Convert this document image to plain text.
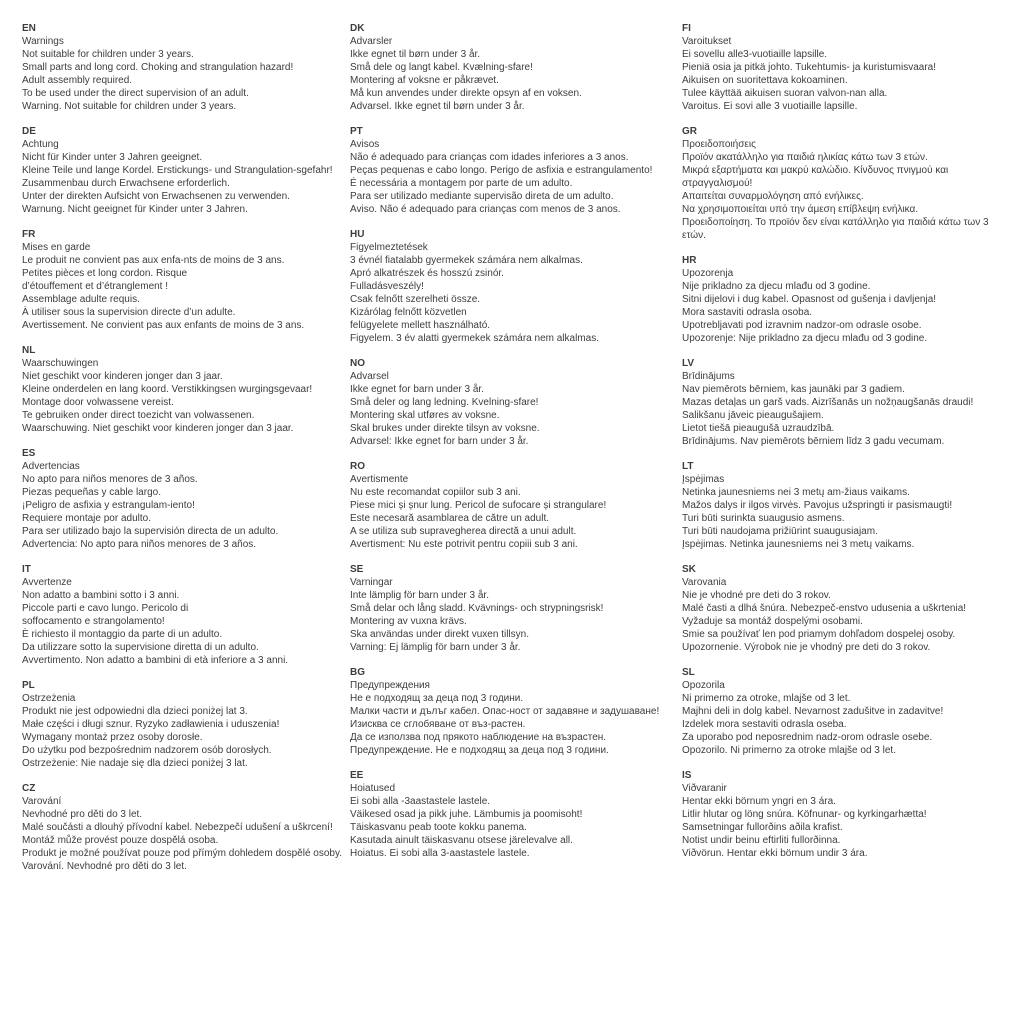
EN
Warnings
Not suitable for children under 3 years.
Small parts and long cord. Choking and strangulation hazard!
Adult assembly required.
To be used under the direct supervision of an adult.
Warning. Not suitable for children under 3 years.
DE
Achtung
Nicht für Kinder unter 3 Jahren geeignet.
Kleine Teile und lange Kordel. Erstickungs- und Strangulation-sgefahr!
Zusammenbau durch Erwachsene erforderlich.
Unter der direkten Aufsicht von Erwachsenen zu verwenden.
Warnung. Nicht geeignet für Kinder unter 3 Jahren.
FR
Mises en garde
Le produit ne convient pas aux enfa-nts de moins de 3 ans.
Petites pièces et long cordon. Risque
d’étouffement et d’étranglement !
Assemblage adulte requis.
À utiliser sous la supervision directe d’un adulte.
Avertissement. Ne convient pas aux enfants de moins de 3 ans.
NL
Waarschuwingen
Niet geschikt voor kinderen jonger dan 3 jaar.
Kleine onderdelen en lang koord. Verstikkingsen wurgingsgevaar!
Montage door volwassene vereist.
Te gebruiken onder direct toezicht van volwassenen.
Waarschuwing. Niet geschikt voor kinderen jonger dan 3 jaar.
ES
Advertencias
No apto para niños menores de 3 años.
Piezas pequeñas y cable largo.
¡Peligro de asfixia y estrangulam-iento!
Requiere montaje por adulto.
Para ser utilizado bajo la supervisión directa de un adulto.
Advertencia: No apto para niños menores de 3 años.
IT
Avvertenze
Non adatto a bambini sotto i 3 anni.
Piccole parti e cavo lungo. Pericolo di
soffocamento e strangolamento!
È richiesto il montaggio da parte di un adulto.
Da utilizzare sotto la supervisione diretta di un adulto.
Avvertimento. Non adatto a bambini di età inferiore a 3 anni.
PL
Ostrzeżenia
Produkt nie jest odpowiedni dla dzieci poniżej lat 3.
Małe części i długi sznur. Ryzyko zadławienia i uduszenia!
Wymagany montaż przez osoby dorosłe.
Do użytku pod bezpośrednim nadzorem osób dorosłych.
Ostrzeżenie: Nie nadaje się dla dzieci poniżej 3 lat.
CZ
Varování
Nevhodné pro děti do 3 let.
Malé součásti a dlouhý přívodní kabel. Nebezpečí udušení a uškrcení!
Montáž může provést pouze dospělá osoba.
Produkt je možné používat pouze pod přímým dohledem dospělé osoby.
Varování. Nevhodné pro děti do 3 let.
DK
Advarsler
Ikke egnet til børn under 3 år.
Små dele og langt kabel. Kvælning-sfare!
Montering af voksne er påkrævet.
Må kun anvendes under direkte opsyn af en voksen.
Advarsel. Ikke egnet til børn under 3 år.
PT
Avisos
Não é adequado para crianças com idades inferiores a 3 anos.
Peças pequenas e cabo longo. Perigo de asfixia e estrangulamento!
É necessária a montagem por parte de um adulto.
Para ser utilizado mediante supervisão direta de um adulto.
Aviso. Não é adequado para crianças com menos de 3 anos.
HU
Figyelmeztetések
3 évnél fiatalabb gyermekek számára nem alkalmas.
Apró alkatrészek és hosszú zsinór.
Fulladásveszély!
Csak felnőtt szerelheti össze.
Kizárólag felnőtt közvetlen
felügyelete mellett használható.
Figyelem. 3 év alatti gyermekek számára nem alkalmas.
NO
Advarsel
Ikke egnet for barn under 3 år.
Små deler og lang ledning. Kvelning-sfare!
Montering skal utføres av voksne.
Skal brukes under direkte tilsyn av voksne.
Advarsel: Ikke egnet for barn under 3 år.
RO
Avertismente
Nu este recomandat copiilor sub 3 ani.
Piese mici și șnur lung. Pericol de sufocare și strangulare!
Este necesară asamblarea de către un adult.
A se utiliza sub supravegherea directă a unui adult.
Avertisment: Nu este potrivit pentru copiii sub 3 ani.
SE
Varningar
Inte lämplig för barn under 3 år.
Små delar och lång sladd. Kvävnings- och strypningsrisk!
Montering av vuxna krävs.
Ska användas under direkt vuxen tillsyn.
Varning: Ej lämplig för barn under 3 år.
BG
Предупреждения
Не е подходящ за деца под 3 години.
Малки части и дълъг кабел. Опас-ност от задавяне и задушаване!
Изисква се сглобяване от въз-растен.
Да се използва под прякото наблюдение на възрастен.
Предупреждение. Не е подходящ за деца под 3 години.
EE
Hoiatused
Ei sobi alla -3aastastele lastele.
Väikesed osad ja pikk juhe. Lämbumis ja poomisoht!
Täiskasvanu peab toote kokku panema.
Kasutada ainult täiskasvanu otsese järelevalve all.
Hoiatus. Ei sobi alla 3-aastastele lastele.
FI
Varoitukset
Ei sovellu alle3-vuotiaille lapsille.
Pieniä osia ja pitkä johto. Tukehtumis- ja kuristumisvaara!
Aikuisen on suoritettava kokoaminen.
Tulee käyttää aikuisen suoran valvon-nan alla.
Varoitus. Ei sovi alle 3 vuotiaille lapsille.
GR
Προειδοποιήσεις
Προϊόν ακατάλληλο για παιδιά ηλικίας κάτω των 3 ετών.
Μικρά εξαρτήματα και μακρύ καλώδιο. Κίνδυνος πνιγμού και
στραγγαλισμού!
Απαιτείται συναρμολόγηση από ενήλικες.
Να χρησιμοποιείται υπό την άμεση επίβλεψη ενήλικα.
Προειδοποίηση. Το προϊόν δεν είναι κατάλληλο για παιδιά κάτω των 3
ετών.
HR
Upozorenja
Nije prikladno za djecu mlađu od 3 godine.
Sitni dijelovi i dug kabel. Opasnost od gušenja i davljenja!
Mora sastaviti odrasla osoba.
Upotrebljavati pod izravnim nadzor-om odrasle osobe.
Upozorenje: Nije prikladno za djecu mlađu od 3 godine.
LV
Brīdinājums
Nav piemērots bērniem, kas jaunāki par 3 gadiem.
Mazas detaļas un garš vads. Aizrīšanās un nožņaugšanās draudi!
Salikšanu jāveic pieaugušajiem.
Lietot tiešā pieaugušā uzraudzībā.
Brīdinājums. Nav piemērots bērniem līdz 3 gadu vecumam.
LT
Įspėjimas
Netinka jaunesniems nei 3 metų am-žiaus vaikams.
Mažos dalys ir ilgos virvės. Pavojus užspringti ir pasismaugti!
Turi būti surinkta suaugusio asmens.
Turi būti naudojama prižiūrint suaugusiajam.
Įspėjimas. Netinka jaunesniems nei 3 metų vaikams.
SK
Varovania
Nie je vhodné pre deti do 3 rokov.
Malé časti a dlhá šnúra. Nebezpeč-enstvo udusenia a uškrtenia!
Vyžaduje sa montáž dospelými osobami.
Smie sa používať len pod priamym dohľadom dospelej osoby.
Upozornenie. Výrobok nie je vhodný pre deti do 3 rokov.
SL
Opozorila
Ni primerno za otroke, mlajše od 3 let.
Majhni deli in dolg kabel. Nevarnost zadušitve in zadavitve!
Izdelek mora sestaviti odrasla oseba.
Za uporabo pod neposrednim nadz-orom odrasle osebe.
Opozorilo. Ni primerno za otroke mlajše od 3 let.
IS
Viðvaranir
Hentar ekki börnum yngri en 3 ára.
Litlir hlutar og löng snúra. Köfnunar- og kyrkingarhætta!
Samsetningar fullorðins aðila krafist.
Notist undir beinu eftirliti fullorðinna.
Viðvörun. Hentar ekki börnum undir 3 ára.
